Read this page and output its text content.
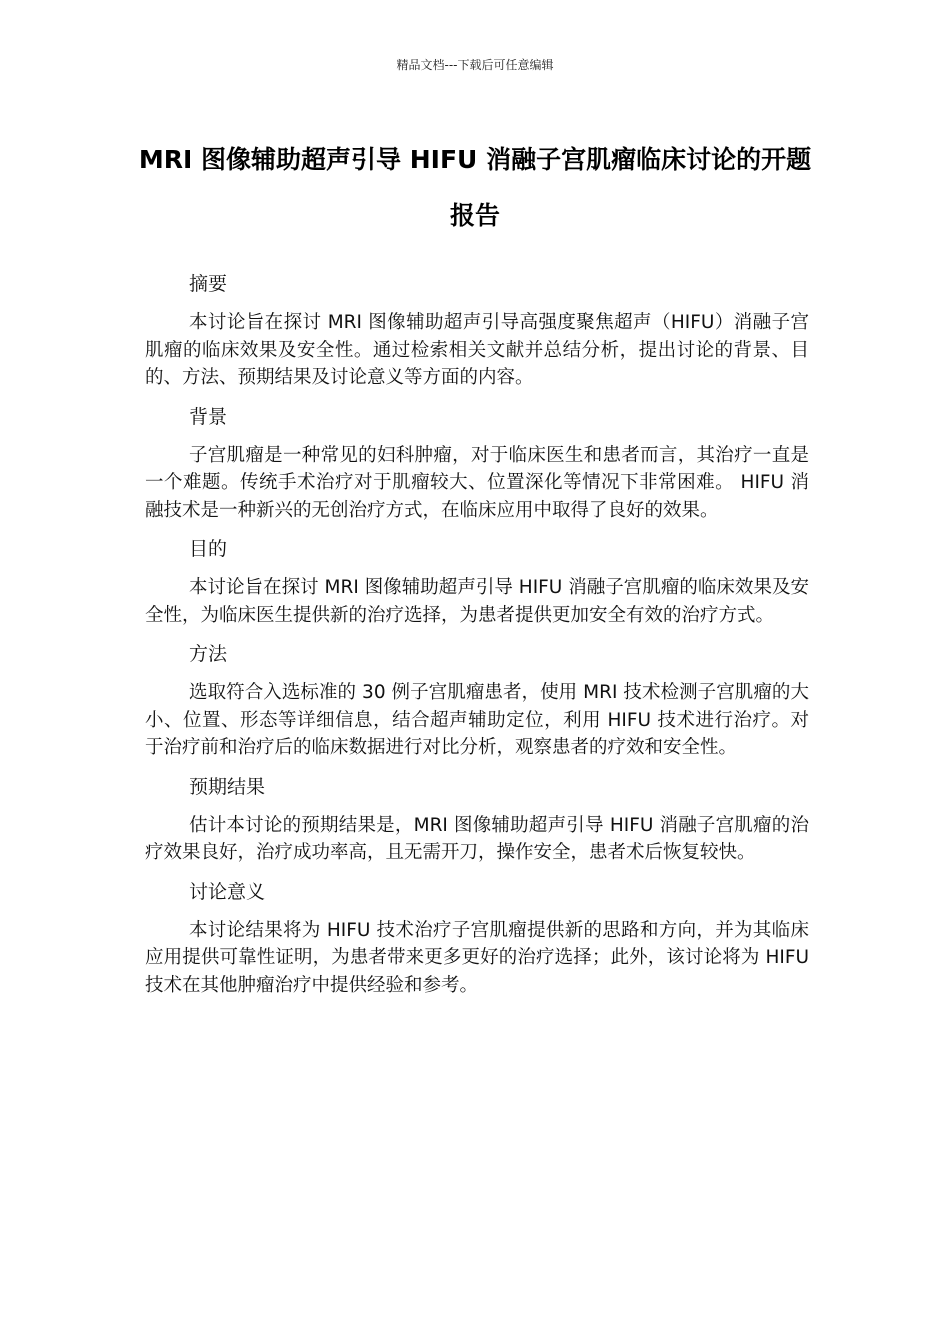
精品文档---下载后可任意编辑
MRI 图像辅助超声引导 HIFU 消融子宫肌瘤临床讨论的开题报告

摘要

本讨论旨在探讨 MRI 图像辅助超声引导高强度聚焦超声（HIFU）消融子宫肌瘤的临床效果及安全性。通过检索相关文献并总结分析，提出讨论的背景、目的、方法、预期结果及讨论意义等方面的内容。

背景

子宫肌瘤是一种常见的妇科肿瘤，对于临床医生和患者而言，其治疗一直是一个难题。传统手术治疗对于肌瘤较大、位置深化等情况下非常困难。 HIFU 消融技术是一种新兴的无创治疗方式，在临床应用中取得了良好的效果。

目的

本讨论旨在探讨 MRI 图像辅助超声引导 HIFU 消融子宫肌瘤的临床效果及安全性，为临床医生提供新的治疗选择，为患者提供更加安全有效的治疗方式。

方法

选取符合入选标准的 30 例子宫肌瘤患者，使用 MRI 技术检测子宫肌瘤的大小、位置、形态等详细信息，结合超声辅助定位，利用 HIFU 技术进行治疗。对于治疗前和治疗后的临床数据进行对比分析，观察患者的疗效和安全性。

预期结果

估计本讨论的预期结果是，MRI 图像辅助超声引导 HIFU 消融子宫肌瘤的治疗效果良好，治疗成功率高，且无需开刀，操作安全，患者术后恢复较快。

讨论意义

本讨论结果将为 HIFU 技术治疗子宫肌瘤提供新的思路和方向，并为其临床应用提供可靠性证明，为患者带来更多更好的治疗选择；此外，该讨论将为 HIFU 技术在其他肿瘤治疗中提供经验和参考。
